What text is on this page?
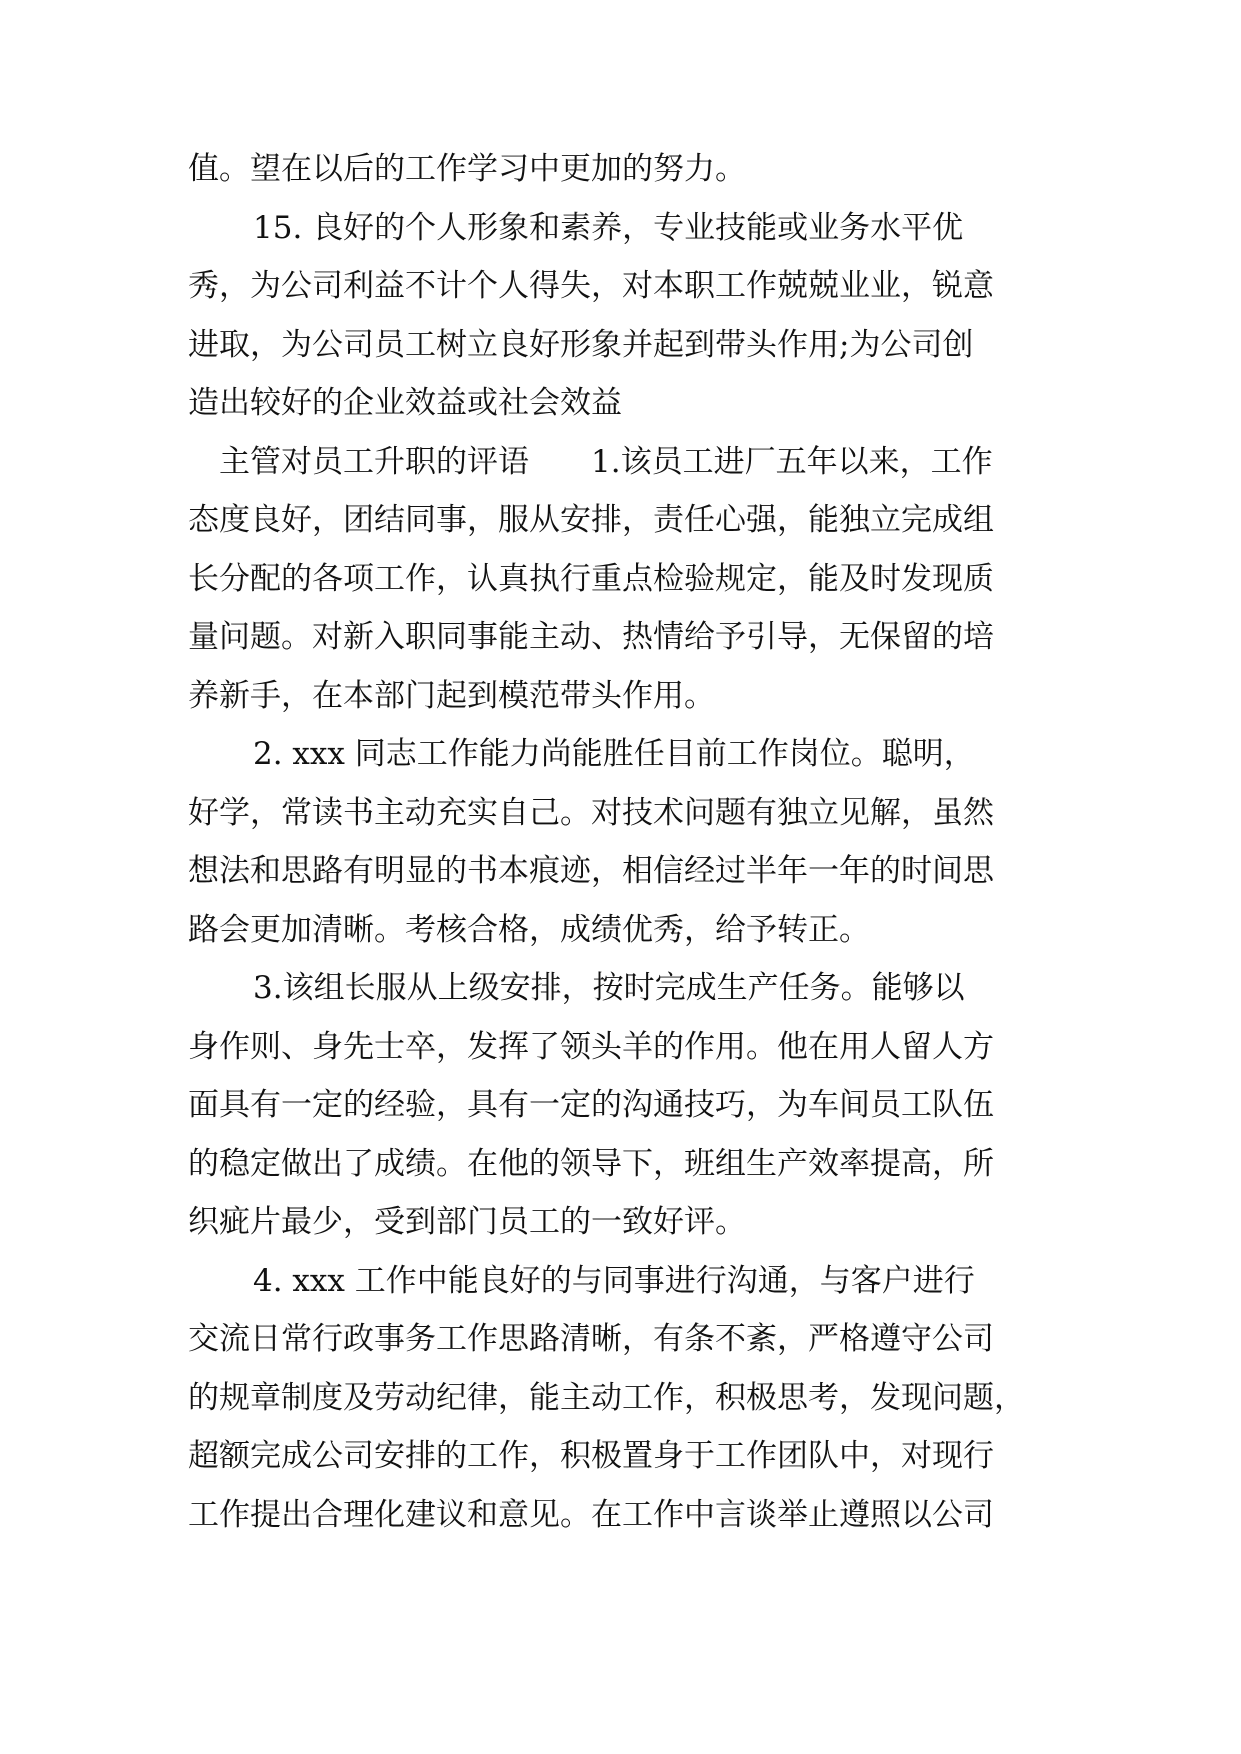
值。望在以后的工作学习中更加的努力。
15. 良好的个人形象和素养，专业技能或业务水平优
秀，为公司利益不计个人得失，对本职工作兢兢业业，锐意
进取，为公司员工树立良好形象并起到带头作用;为公司创
造出较好的企业效益或社会效益
主管对员工升职的评语 1.该员工进厂五年以来，工作
态度良好，团结同事，服从安排，责任心强，能独立完成组
长分配的各项工作，认真执行重点检验规定，能及时发现质
量问题。对新入职同事能主动、热情给予引导，无保留的培
养新手，在本部门起到模范带头作用。
2. xxx 同志工作能力尚能胜任目前工作岗位。聪明，
好学，常读书主动充实自己。对技术问题有独立见解，虽然
想法和思路有明显的书本痕迹，相信经过半年一年的时间思
路会更加清晰。考核合格，成绩优秀，给予转正。
3.该组长服从上级安排，按时完成生产任务。能够以
身作则、身先士卒，发挥了领头羊的作用。他在用人留人方
面具有一定的经验，具有一定的沟通技巧，为车间员工队伍
的稳定做出了成绩。在他的领导下，班组生产效率提高，所
织疵片最少，受到部门员工的一致好评。
4. xxx 工作中能良好的与同事进行沟通，与客户进行
交流日常行政事务工作思路清晰，有条不紊，严格遵守公司
的规章制度及劳动纪律，能主动工作，积极思考，发现问题，
超额完成公司安排的工作，积极置身于工作团队中，对现行
工作提出合理化建议和意见。在工作中言谈举止遵照以公司
